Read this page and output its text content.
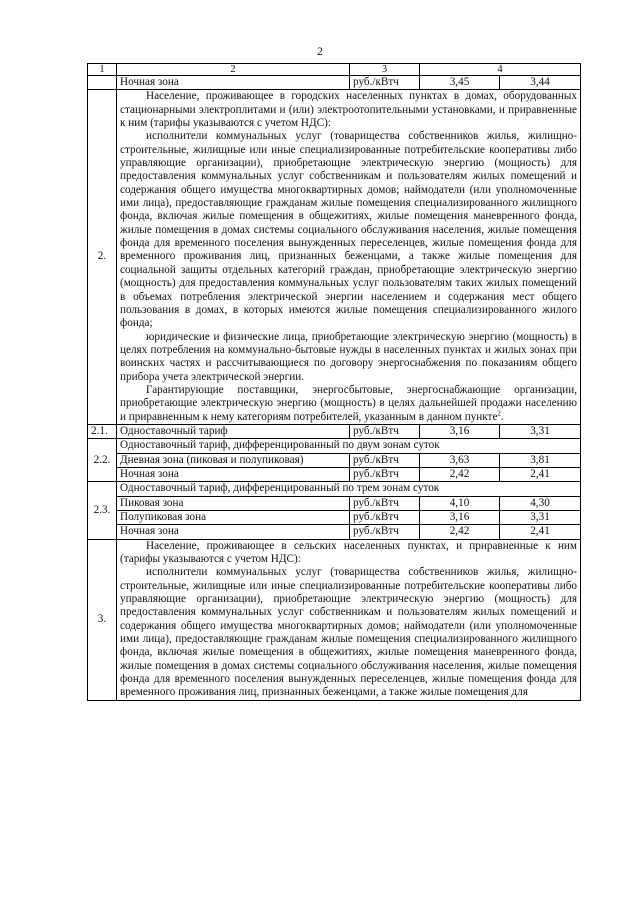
2
1	2	3	4	
	Ночная зона	руб./кВтч	3,45	3,44
2.	Население, проживающее в городских населенных пунктах в домах, оборудованных стационарными электроплитами и (или) электроотопительными установками, и приравненные к ним (тарифы указываются с учетом НДС):

исполнители коммунальных услуг (товарищества собственников жилья, жилищно-строительные, жилищные или иные специализированные потребительские кооперативы либо управляющие организации), приобретающие электрическую энергию (мощность) для предоставления коммунальных услуг собственникам и пользователям жилых помещений и содержания общего имущества многоквартирных домов; наймодатели (или уполномоченные ими лица), предоставляющие гражданам жилые помещения специализированного жилищного фонда, включая жилые помещения в общежитиях, жилые помещения маневренного фонда, жилые помещения в домах системы социального обслуживания населения, жилые помещения фонда для временного поселения вынужденных переселенцев, жилые помещения фонда для временного проживания лиц, признанных беженцами, а также жилые помещения для социальной защиты отдельных категорий граждан, приобретающие электрическую энергию (мощность) для предоставления коммунальных услуг пользователям таких жилых помещений в объемах потребления электрической энергии населением и содержания мест общего пользования в домах, в которых имеются жилые помещения специализированного жилого фонда;

юридические и физические лица, приобретающие электрическую энергию (мощность) в целях потребления на коммунально-бытовые нужды в населенных пунктах и жилых зонах при воинских частях и рассчитывающиеся по договору энергоснабжения по показаниям общего прибора учета электрической энергии.

Гарантирующие поставщики, энергосбытовые, энергоснабжающие организации, приобретающие электрическую энергию (мощность) в целях дальнейшей продажи населению и приравненным к нему категориям потребителей, указанным в данном пункте$^2$.			

2.1.	Одноставочный тариф	руб./кВтч	3,16	3,31
2.2.	Одноставочный тариф, дифференцированный по двум зонам суток			
	Дневная зона (пиковая и полупиковая)	руб./кВтч	3,63	3,81
	Ночная зона	руб./кВтч	2,42	2,41
2.3.	Одноставочный тариф, дифференцированный по трем зонам суток			
	Пиковая зона	руб./кВтч	4,10	4,30
	Полупиковая зона	руб./кВтч	3,16	3,31
	Ночная зона	руб./кВтч	2,42	2,41
3.	Население, проживающее в сельских населенных пунктах, и приравненные к ним (тарифы указываются с учетом НДС):

исполнители коммунальных услуг (товарищества собственников жилья, жилищно-строительные, жилищные или иные специализированные потребительские кооперативы либо управляющие организации), приобретающие электрическую энергию (мощность) для предоставления коммунальных услуг собственникам и пользователям жилых помещений и содержания общего имущества многоквартирных домов; наймодатели (или уполномоченные ими лица), предоставляющие гражданам жилые помещения специализированного жилищного фонда, включая жилые помещения в общежитиях, жилые помещения маневренного фонда, жилые помещения в домах системы социального обслуживания населения, жилые помещения фонда для временного поселения вынужденных переселенцев, жилые помещения фонда для временного проживания лиц, признанных беженцами, а также жилые помещения для			
